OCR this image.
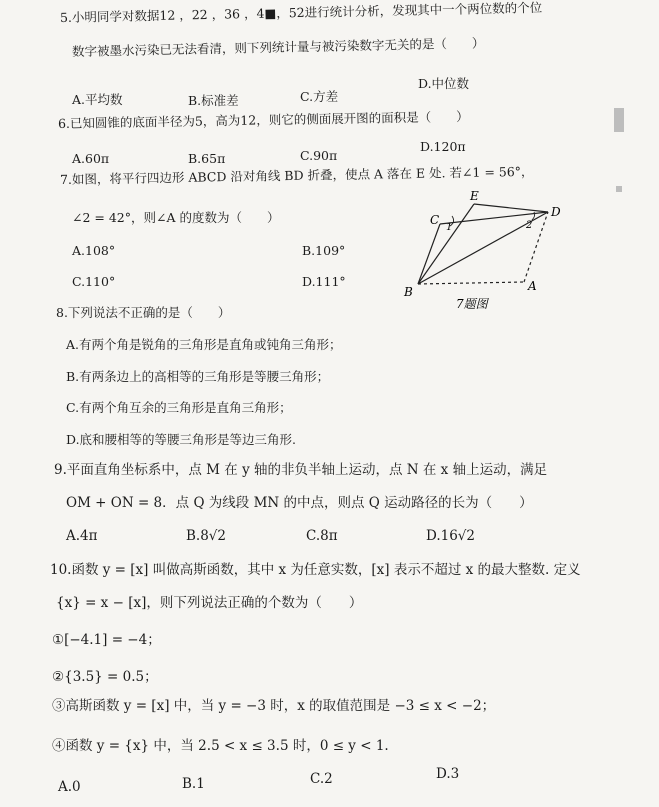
5.小明同学对数据12 ，22 ，36 ，4■，52进行统计分析，发现其中一个两位数的个位
数字被墨水污染已无法看清，则下列统计量与被污染数字无关的是（　　）
A.平均数	B.标准差	C.方差
D.中位数
6.已知圆锥的底面半径为5，高为12，则它的侧面展开图的面积是（　　）
A.60π	B.65π	C.90π
D.120π
7.如图，将平行四边形 ABCD 沿对角线 BD 折叠，使点 A 落在 E 处. 若∠1 = 56°，
∠2 = 42°，则∠A 的度数为（　　）
A.108°	B.109°
C.110°	D.111°
E
C
D
B	A
1	2
7题图
8.下列说法不正确的是（　　）
A.有两个角是锐角的三角形是直角或钝角三角形；
B.有两条边上的高相等的三角形是等腰三角形；
C.有两个角互余的三角形是直角三角形；
D.底和腰相等的等腰三角形是等边三角形.
9.平面直角坐标系中，点 M 在 y 轴的非负半轴上运动，点 N 在 x 轴上运动，满足
OM + ON = 8．点 Q 为线段 MN 的中点，则点 Q 运动路径的长为（　　）
A.4π	B.8√2	C.8π	D.16√2
10.函数 y = [x] 叫做高斯函数，其中 x 为任意实数，[x] 表示不超过 x 的最大整数. 定义
{x} = x − [x]，则下列说法正确的个数为（　　）
①[−4.1] = −4；
②{3.5} = 0.5；
③高斯函数 y = [x] 中，当 y = −3 时，x 的取值范围是 −3 ≤ x < −2；
④函数 y = {x} 中，当 2.5 < x ≤ 3.5 时，0 ≤ y < 1.
A.0	B.1	C.2	D.3
